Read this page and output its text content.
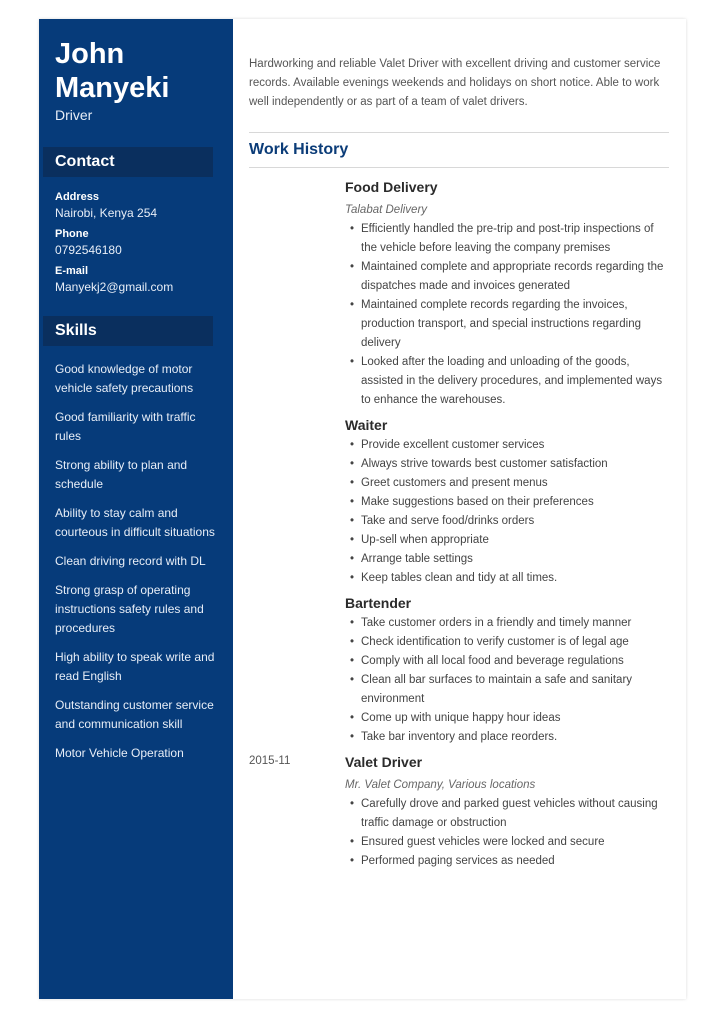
John
Manyeki
Driver
Contact
Address
Nairobi, Kenya 254
Phone
0792546180
E-mail
Manyekj2@gmail.com
Skills
Good knowledge of motor vehicle safety precautions
Good familiarity with traffic rules
Strong ability to plan and schedule
Ability to stay calm and courteous in difficult situations
Clean driving record with DL
Strong grasp of operating instructions safety rules and procedures
High ability to speak write and read English
Outstanding customer service and communication skill
Motor Vehicle Operation

Hardworking and reliable Valet Driver with excellent driving and customer service records. Available evenings weekends and holidays on short notice. Able to work well independently or as part of a team of valet drivers.

Work History
Food Delivery
Talabat Delivery
• Efficiently handled the pre-trip and post-trip inspections of the vehicle before leaving the company premises
• Maintained complete and appropriate records regarding the dispatches made and invoices generated
• Maintained complete records regarding the invoices, production transport, and special instructions regarding delivery
• Looked after the loading and unloading of the goods, assisted in the delivery procedures, and implemented ways to enhance the warehouses.
Waiter
• Provide excellent customer services
• Always strive towards best customer satisfaction
• Greet customers and present menus
• Make suggestions based on their preferences
• Take and serve food/drinks orders
• Up-sell when appropriate
• Arrange table settings
• Keep tables clean and tidy at all times.
Bartender
• Take customer orders in a friendly and timely manner
• Check identification to verify customer is of legal age
• Comply with all local food and beverage regulations
• Clean all bar surfaces to maintain a safe and sanitary environment
• Come up with unique happy hour ideas
• Take bar inventory and place reorders.
2015-11	Valet Driver
Mr. Valet Company, Various locations
• Carefully drove and parked guest vehicles without causing traffic damage or obstruction
• Ensured guest vehicles were locked and secure
• Performed paging services as needed
